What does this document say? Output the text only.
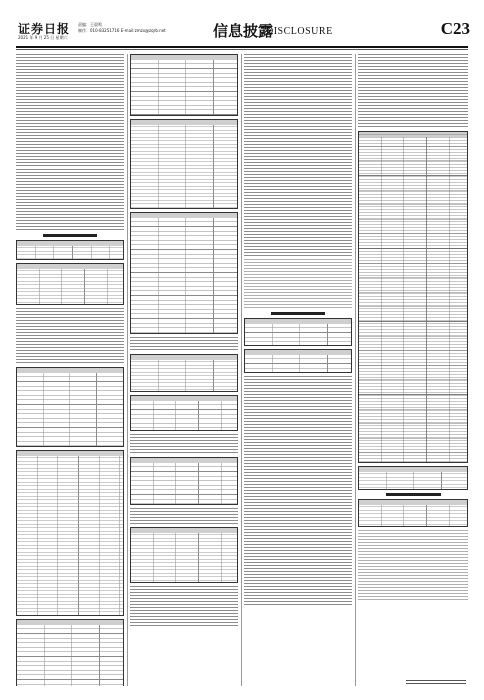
证券日报
2021 年 9 月 25 日 星期六
责编：王晨鸣
制作：010-83251716 E-mail:zmzx@zqrb.net	信息披露
DISCLOSURE	C23
